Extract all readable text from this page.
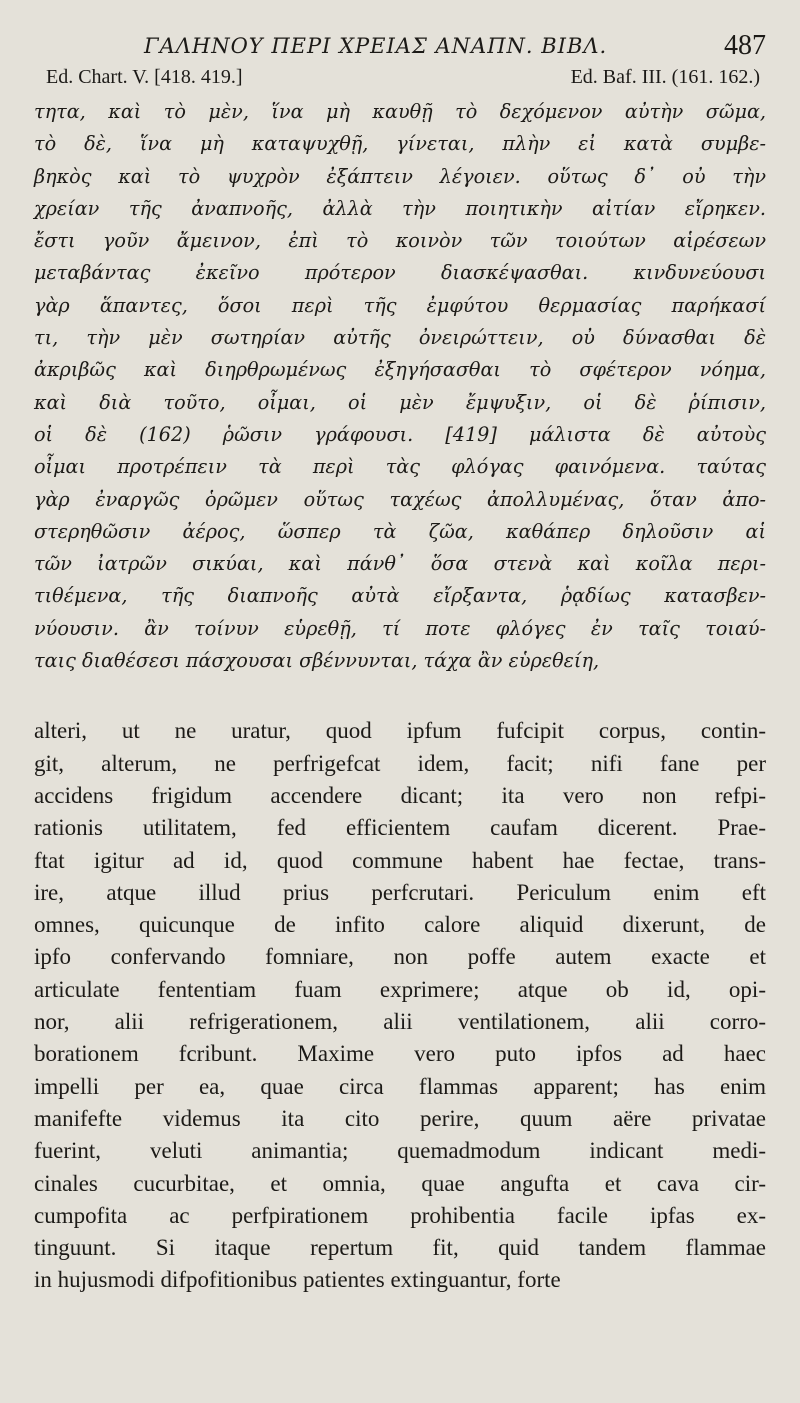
ΓΑΛΗΝΟΥ ΠΕΡΙ ΧΡΕΙΑΣ ΑΝΑΠΝ. ΒΙΒΛ.	487
Ed. Chart. V. [418. 419.]	Ed. Baf. III. (161. 162.)
τητα, καὶ τὸ μὲν, ἵνα μὴ καυθῇ τὸ δεχόμενον αὐτὴν σῶμα,
τὸ δὲ, ἵνα μὴ καταψυχθῇ, γίνεται, πλὴν εἰ κατὰ συμβε-
βηκὸς καὶ τὸ ψυχρὸν ἐξάπτειν λέγοιεν. οὕτως δ᾽ οὐ τὴν
χρείαν τῆς ἀναπνοῆς, ἀλλὰ τὴν ποιητικὴν αἰτίαν εἴρηκεν.
ἔστι γοῦν ἄμεινον, ἐπὶ τὸ κοινὸν τῶν τοιούτων αἱρέσεων
μεταβάντας ἐκεῖνο πρότερον διασκέψασθαι. κινδυνεύουσι
γὰρ ἅπαντες, ὅσοι περὶ τῆς ἐμφύτου θερμασίας παρήκασί
τι, τὴν μὲν σωτηρίαν αὐτῆς ὀνειρώττειν, οὐ δύνασθαι δὲ
ἀκριβῶς καὶ διηρθρωμένως ἐξηγήσασθαι τὸ σφέτερον νόημα,
καὶ διὰ τοῦτο, οἶμαι, οἱ μὲν ἔμψυξιν, οἱ δὲ ῥίπισιν,
οἱ δὲ (162) ῥῶσιν γράφουσι. [419] μάλιστα δὲ αὐτοὺς
οἶμαι προτρέπειν τὰ περὶ τὰς φλόγας φαινόμενα. ταύτας
γὰρ ἐναργῶς ὁρῶμεν οὕτως ταχέως ἀπολλυμένας, ὅταν ἀπο-
στερηθῶσιν ἀέρος, ὥσπερ τὰ ζῶα, καθάπερ δηλοῦσιν αἱ
τῶν ἰατρῶν σικύαι, καὶ πάνθ᾽ ὅσα στενὰ καὶ κοῖλα περι-
τιθέμενα, τῆς διαπνοῆς αὐτὰ εἴρξαντα, ῥᾳδίως κατασβεν-
νύουσιν. ἂν τοίνυν εὑρεθῇ, τί ποτε φλόγες ἐν ταῖς τοιαύ-
ταις διαθέσεσι πάσχουσαι σβέννυνται, τάχα ἂν εὑρεθείη,
alteri, ut ne uratur, quod ipfum fufcipit corpus, contin-
git, alterum, ne perfrigefcat idem, facit; nifi fane per
accidens frigidum accendere dicant; ita vero non refpi-
rationis utilitatem, fed efficientem caufam dicerent. Prae-
ftat igitur ad id, quod commune habent hae fectae, trans-
ire, atque illud prius perfcrutari. Periculum enim eft
omnes, quicunque de infito calore aliquid dixerunt, de
ipfo confervando fomniare, non poffe autem exacte et
articulate fententiam fuam exprimere; atque ob id, opi-
nor, alii refrigerationem, alii ventilationem, alii corro-
borationem fcribunt. Maxime vero puto ipfos ad haec
impelli per ea, quae circa flammas apparent; has enim
manifefte videmus ita cito perire, quum aëre privatae
fuerint, veluti animantia; quemadmodum indicant medi-
cinales cucurbitae, et omnia, quae angufta et cava cir-
cumpofita ac perfpirationem prohibentia facile ipfas ex-
tinguunt. Si itaque repertum fit, quid tandem flammae
in hujusmodi difpofitionibus patientes extinguantur, forte
